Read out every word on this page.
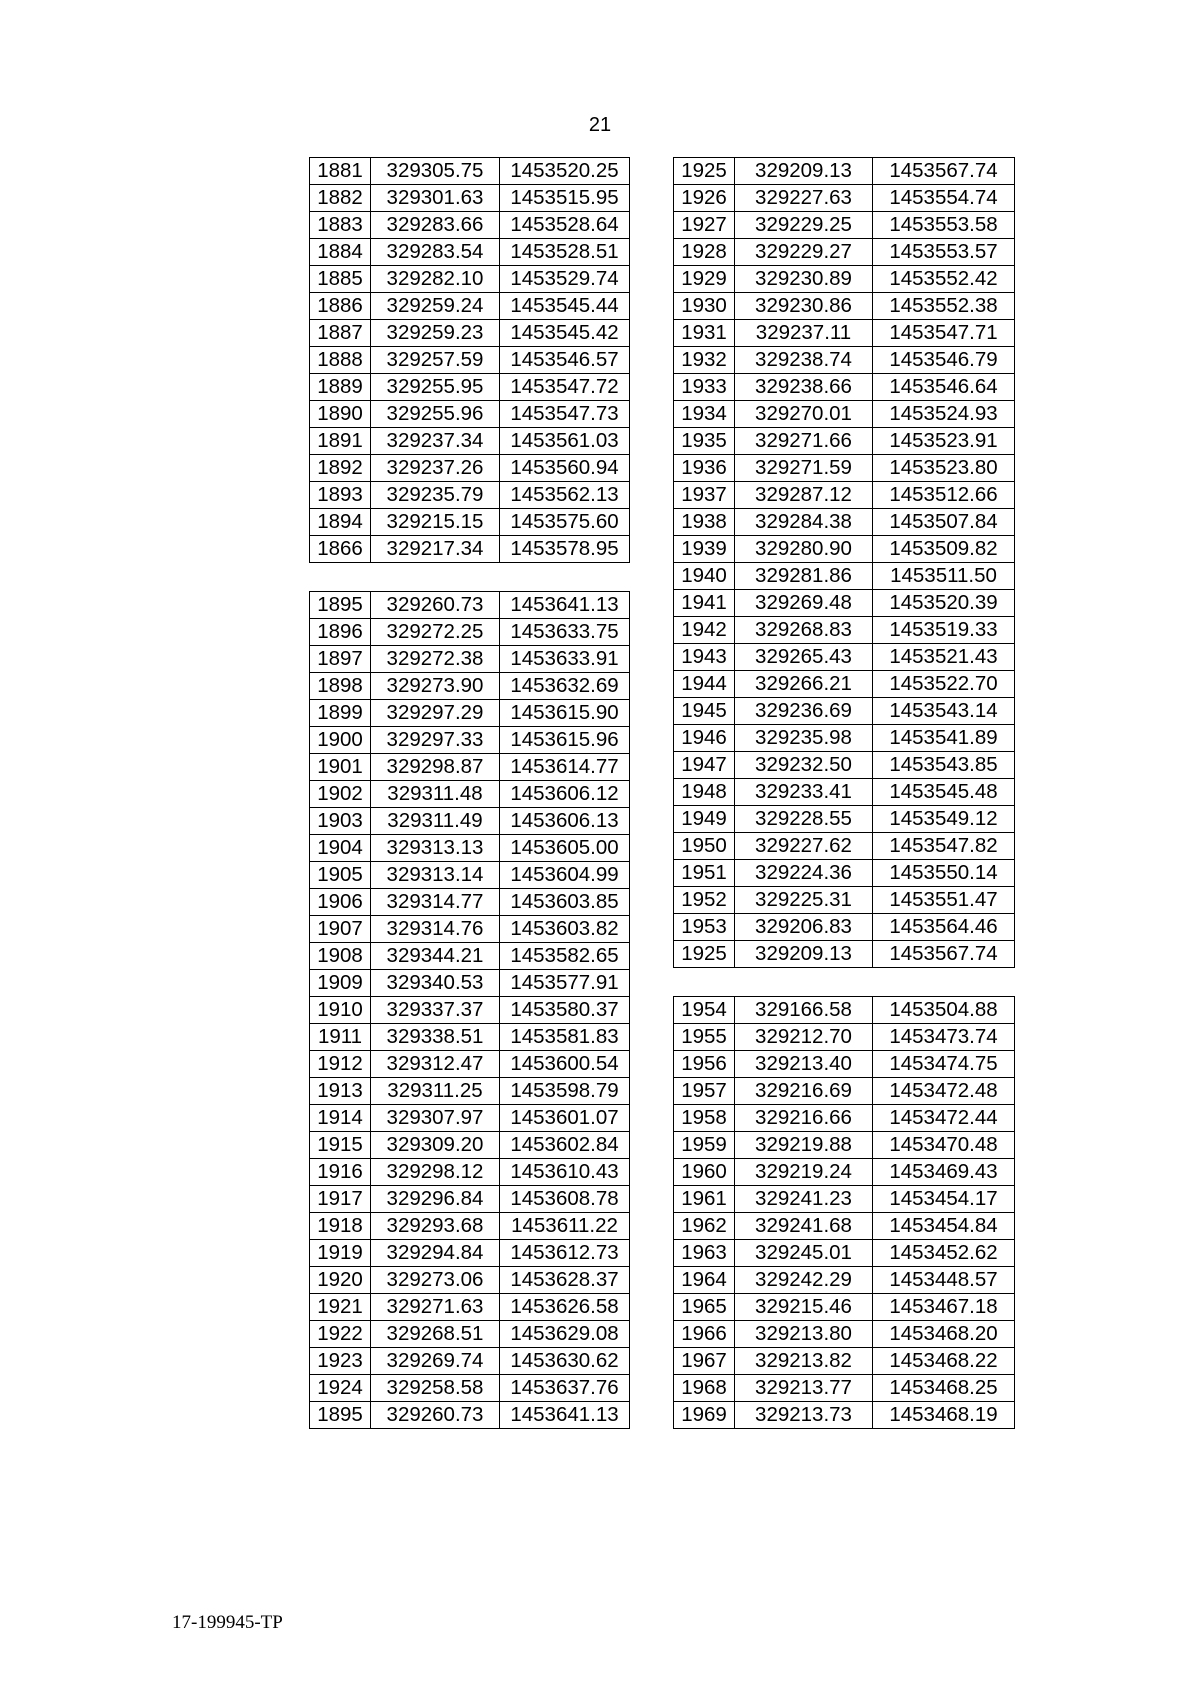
21
1881	329305.75	1453520.25
1882	329301.63	1453515.95
1883	329283.66	1453528.64
1884	329283.54	1453528.51
1885	329282.10	1453529.74
1886	329259.24	1453545.44
1887	329259.23	1453545.42
1888	329257.59	1453546.57
1889	329255.95	1453547.72
1890	329255.96	1453547.73
1891	329237.34	1453561.03
1892	329237.26	1453560.94
1893	329235.79	1453562.13
1894	329215.15	1453575.60
1866	329217.34	1453578.95
1895	329260.73	1453641.13
1896	329272.25	1453633.75
1897	329272.38	1453633.91
1898	329273.90	1453632.69
1899	329297.29	1453615.90
1900	329297.33	1453615.96
1901	329298.87	1453614.77
1902	329311.48	1453606.12
1903	329311.49	1453606.13
1904	329313.13	1453605.00
1905	329313.14	1453604.99
1906	329314.77	1453603.85
1907	329314.76	1453603.82
1908	329344.21	1453582.65
1909	329340.53	1453577.91
1910	329337.37	1453580.37
1911	329338.51	1453581.83
1912	329312.47	1453600.54
1913	329311.25	1453598.79
1914	329307.97	1453601.07
1915	329309.20	1453602.84
1916	329298.12	1453610.43
1917	329296.84	1453608.78
1918	329293.68	1453611.22
1919	329294.84	1453612.73
1920	329273.06	1453628.37
1921	329271.63	1453626.58
1922	329268.51	1453629.08
1923	329269.74	1453630.62
1924	329258.58	1453637.76
1895	329260.73	1453641.13
1925	329209.13	1453567.74
1926	329227.63	1453554.74
1927	329229.25	1453553.58
1928	329229.27	1453553.57
1929	329230.89	1453552.42
1930	329230.86	1453552.38
1931	329237.11	1453547.71
1932	329238.74	1453546.79
1933	329238.66	1453546.64
1934	329270.01	1453524.93
1935	329271.66	1453523.91
1936	329271.59	1453523.80
1937	329287.12	1453512.66
1938	329284.38	1453507.84
1939	329280.90	1453509.82
1940	329281.86	1453511.50
1941	329269.48	1453520.39
1942	329268.83	1453519.33
1943	329265.43	1453521.43
1944	329266.21	1453522.70
1945	329236.69	1453543.14
1946	329235.98	1453541.89
1947	329232.50	1453543.85
1948	329233.41	1453545.48
1949	329228.55	1453549.12
1950	329227.62	1453547.82
1951	329224.36	1453550.14
1952	329225.31	1453551.47
1953	329206.83	1453564.46
1925	329209.13	1453567.74
1954	329166.58	1453504.88
1955	329212.70	1453473.74
1956	329213.40	1453474.75
1957	329216.69	1453472.48
1958	329216.66	1453472.44
1959	329219.88	1453470.48
1960	329219.24	1453469.43
1961	329241.23	1453454.17
1962	329241.68	1453454.84
1963	329245.01	1453452.62
1964	329242.29	1453448.57
1965	329215.46	1453467.18
1966	329213.80	1453468.20
1967	329213.82	1453468.22
1968	329213.77	1453468.25
1969	329213.73	1453468.19
17-199945-TP
